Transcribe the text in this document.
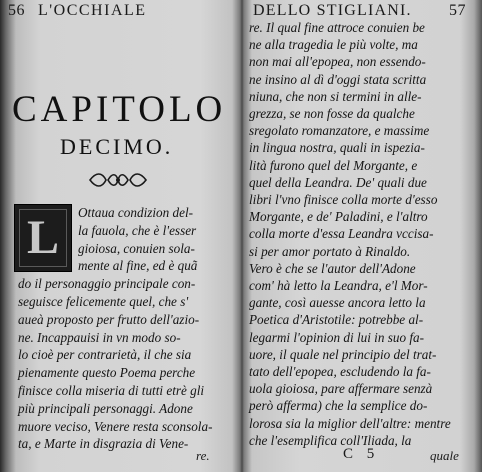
56 L'OCCHIALE
CAPITOLO
DECIMO.
L	Ottaua condizion del-
la fauola, che è l'esser
gioiosa, conuien sola-
mente al fine, ed è quã
do il personaggio principale con-
seguisce felicemente quel, che s'
aueà proposto per frutto dell'azio-
ne. Incappauisi in vn modo so-
lo cioè per contrarietà, il che sia
pienamente questo Poema perche
finisce colla miseria di tutti etrè gli
più principali personaggi. Adone
muore veciso, Venere resta sconsola-
ta, e Marte in disgrazia di Vene-
re.
DELLO STIGLIANI. 57
re. Il qual fine attroce conuien be
ne alla tragedia le più volte, ma
non mai all'epopea, non essendo-
ne insino al dì d'oggi stata scritta
niuna, che non si termini in alle-
grezza, se non fosse da qualche
sregolato romanzatore, e massime
in lingua nostra, quali in ispezia-
lità furono quel del Morgante, e
quel della Leandra. De' quali due
libri l'vno finisce colla morte d'esso
Morgante, e de' Paladini, e l'altro
colla morte d'essa Leandra vccisa-
si per amor portato à Rinaldo.
Vero è che se l'autor dell'Adone
com' hà letto la Leandra, e'l Mor-
gante, così auesse ancora letto la
Poetica d'Aristotile: potrebbe al-
legarmi l'opinion di lui in suo fa-
uore, il quale nel principio del trat-
tato dell'epopea, escludendo la fa-
uola gioiosa, pare affermare senzà
però afferma) che la semplice do-
lorosa sia la miglior dell'altre: mentre
che l'esemplifica coll'Iliada, la
C 5	quale
